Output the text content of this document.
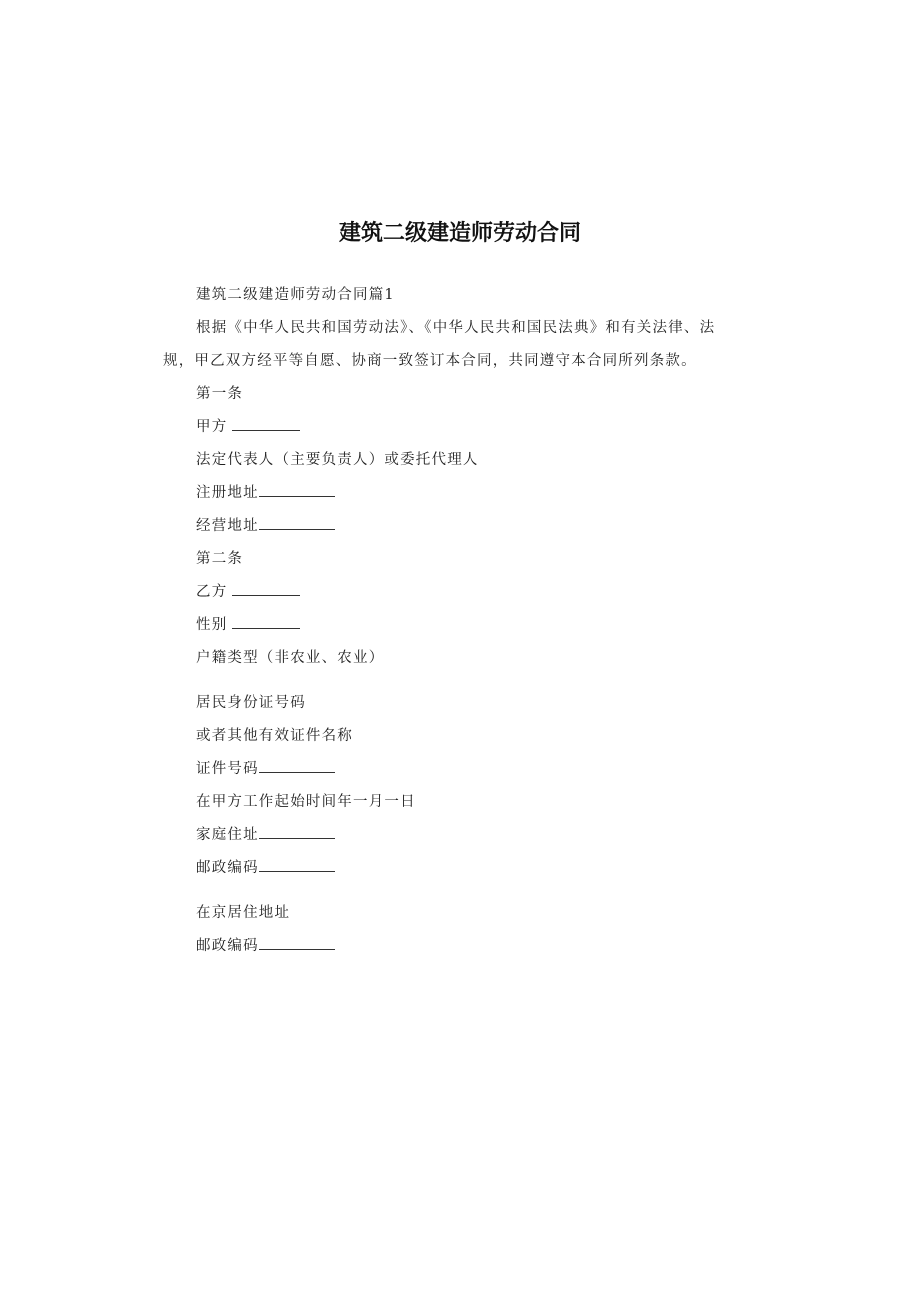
建筑二级建造师劳动合同
建筑二级建造师劳动合同篇1
根据《中华人民共和国劳动法》、《中华人民共和国民法典》和有关法律、法
规，甲乙双方经平等自愿、协商一致签订本合同，共同遵守本合同所列条款。
第一条
甲方
法定代表人（主要负责人）或委托代理人
注册地址
经营地址
第二条
乙方
性别
户籍类型（非农业、农业）
居民身份证号码
或者其他有效证件名称
证件号码
在甲方工作起始时间年一月一日
家庭住址
邮政编码
在京居住地址
邮政编码
